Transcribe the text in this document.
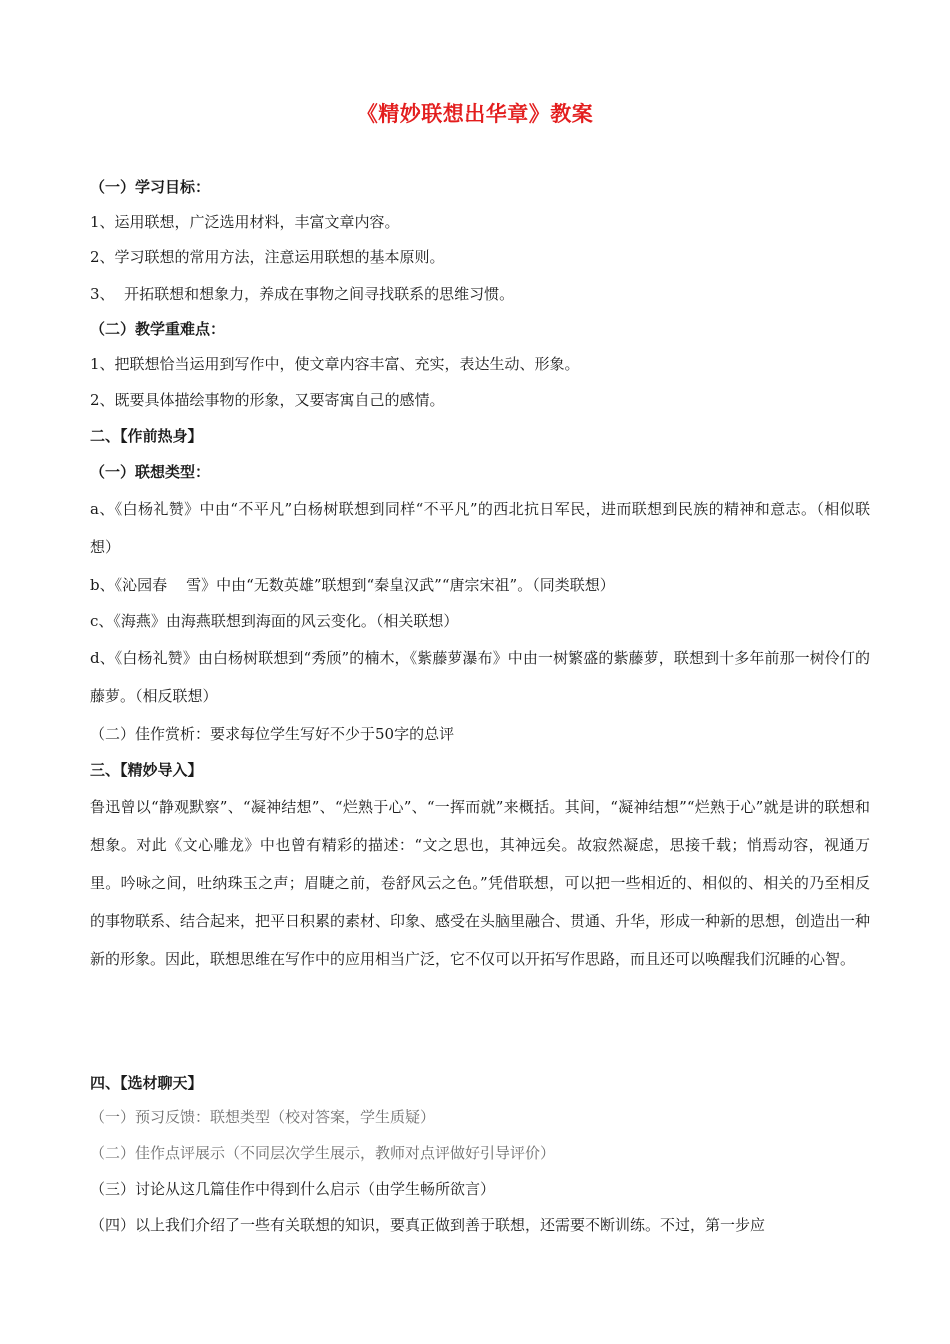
《精妙联想出华章》教案
（一）学习目标：
1、运用联想，广泛选用材料，丰富文章内容。
2、学习联想的常用方法，注意运用联想的基本原则。
3、  开拓联想和想象力，养成在事物之间寻找联系的思维习惯。
（二）教学重难点：
1、把联想恰当运用到写作中，使文章内容丰富、充实，表达生动、形象。
2、既要具体描绘事物的形象，又要寄寓自己的感情。
二、【作前热身】
（一）联想类型：
a、《白杨礼赞》中由“不平凡”白杨树联想到同样“不平凡”的西北抗日军民，进而联想到民族的精神和意志。（相似联想）
b、《沁园春    雪》中由“无数英雄”联想到“秦皇汉武”“唐宗宋祖”。（同类联想）
c、《海燕》由海燕联想到海面的风云变化。（相关联想）
d、《白杨礼赞》由白杨树联想到“秀颀”的楠木，《紫藤萝瀑布》中由一树繁盛的紫藤萝，联想到十多年前那一树伶仃的藤萝。（相反联想）
（二）佳作赏析：要求每位学生写好不少于50字的总评
三、【精妙导入】
鲁迅曾以“静观默察”、“凝神结想”、“烂熟于心”、“一挥而就”来概括。其间，“凝神结想”“烂熟于心”就是讲的联想和想象。对此《文心雕龙》中也曾有精彩的描述：“文之思也，其神远矣。故寂然凝虑，思接千载；悄焉动容，视通万里。吟咏之间，吐纳珠玉之声；眉睫之前，卷舒风云之色。”凭借联想，可以把一些相近的、相似的、相关的乃至相反的事物联系、结合起来，把平日积累的素材、印象、感受在头脑里融合、贯通、升华，形成一种新的思想，创造出一种新的形象。因此，联想思维在写作中的应用相当广泛，它不仅可以开拓写作思路，而且还可以唤醒我们沉睡的心智。
四、【选材聊天】
（一）预习反馈：联想类型（校对答案，学生质疑）
（二）佳作点评展示（不同层次学生展示，教师对点评做好引导评价）
（三）讨论从这几篇佳作中得到什么启示（由学生畅所欲言）
（四）以上我们介绍了一些有关联想的知识，要真正做到善于联想，还需要不断训练。不过，第一步应
